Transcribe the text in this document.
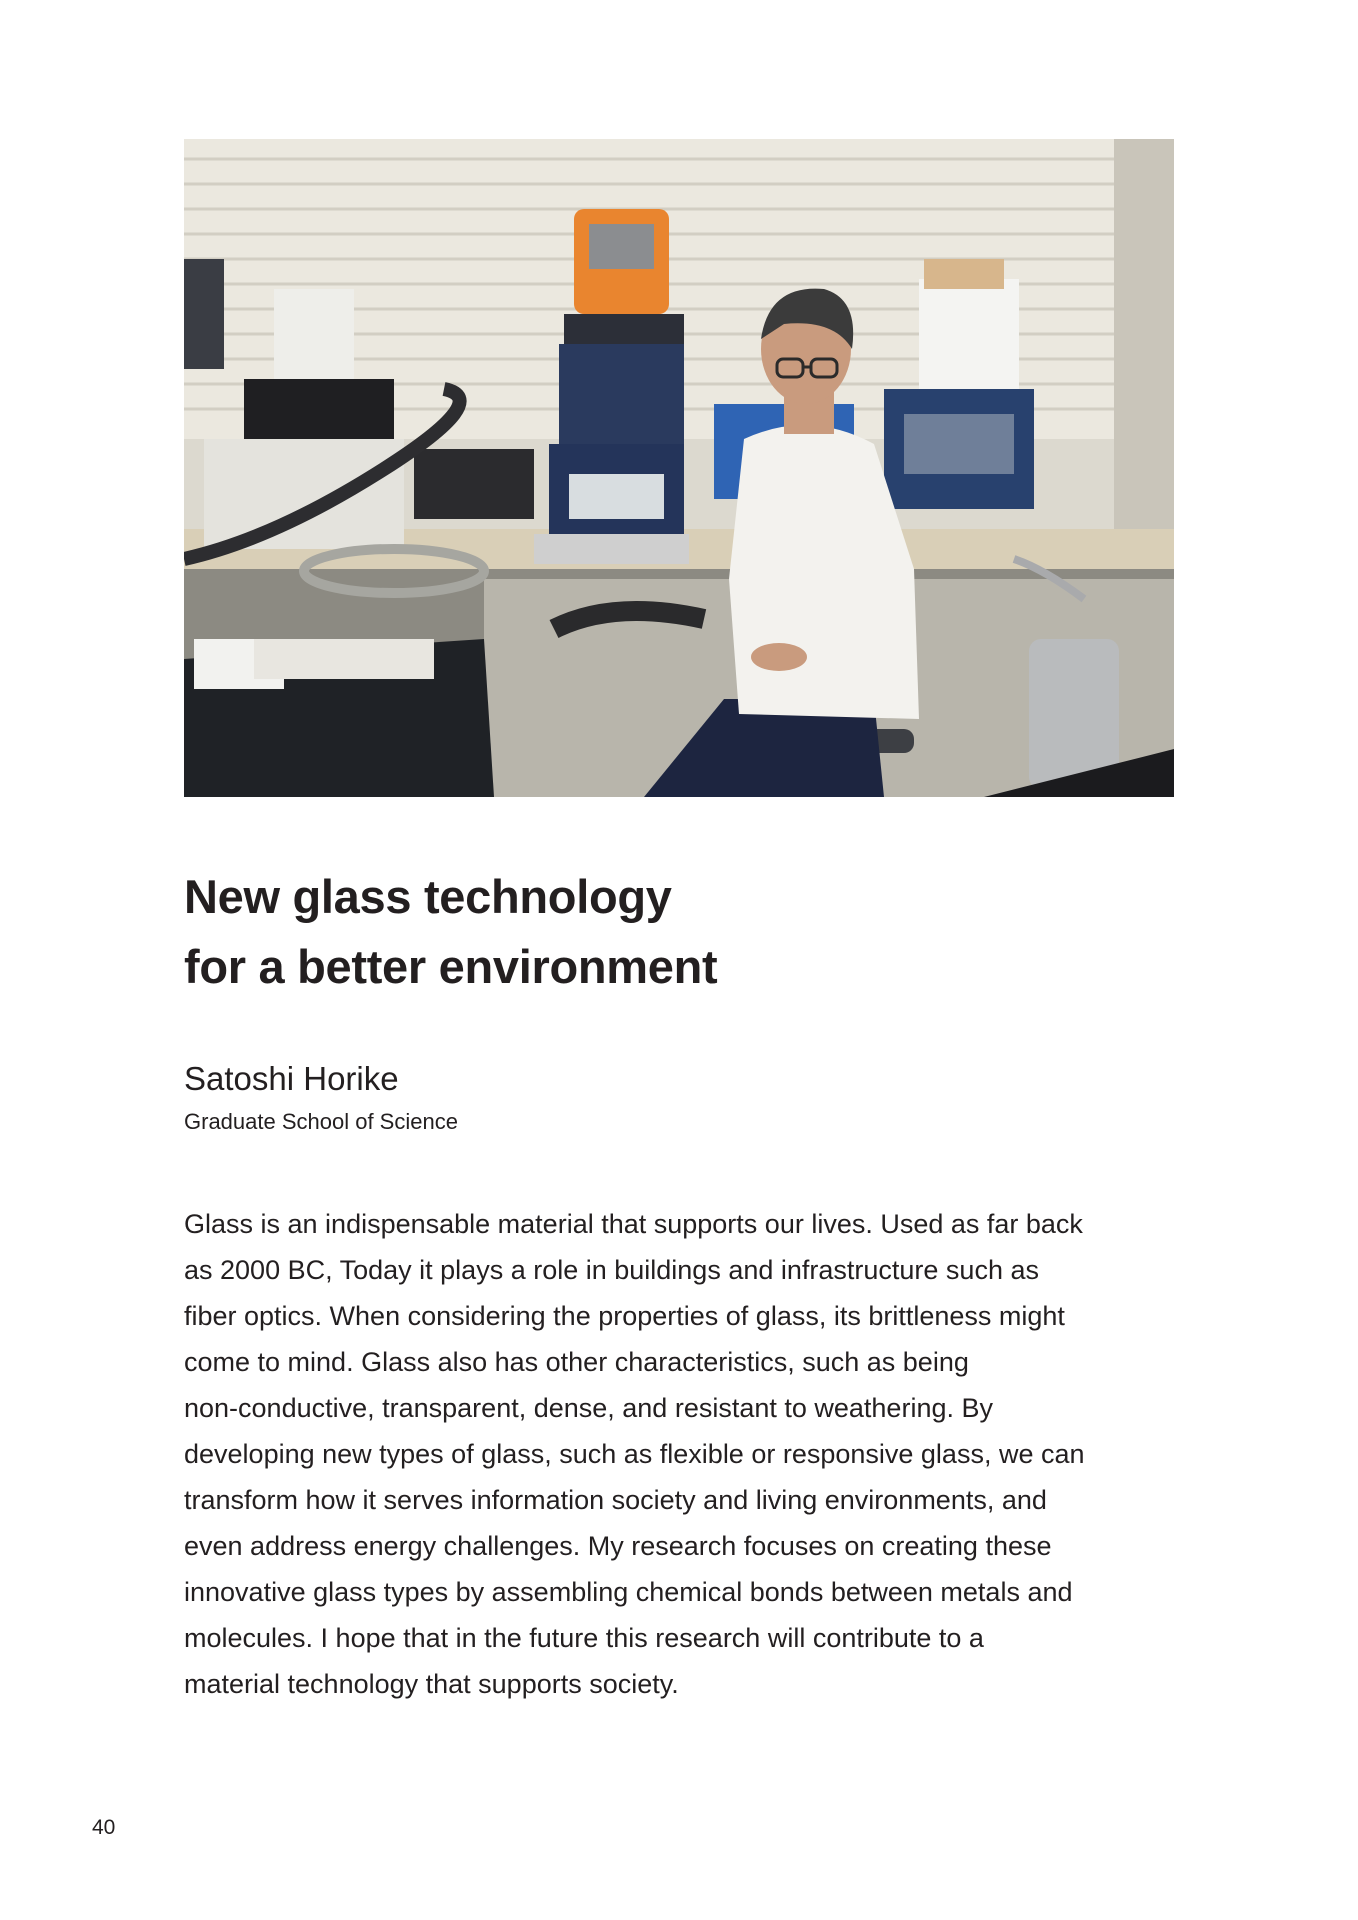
New glass technology
for a better environment

Satoshi Horike

Graduate School of Science

Glass is an indispensable material that supports our lives. Used as far back
as 2000 BC, Today it plays a role in buildings and infrastructure such as
fiber optics. When considering the properties of glass, its brittleness might
come to mind. Glass also has other characteristics, such as being
non-conductive, transparent, dense, and resistant to weathering. By
developing new types of glass, such as flexible or responsive glass, we can
transform how it serves information society and living environments, and
even address energy challenges. My research focuses on creating these
innovative glass types by assembling chemical bonds between metals and
molecules. I hope that in the future this research will contribute to a
material technology that supports society.
40
